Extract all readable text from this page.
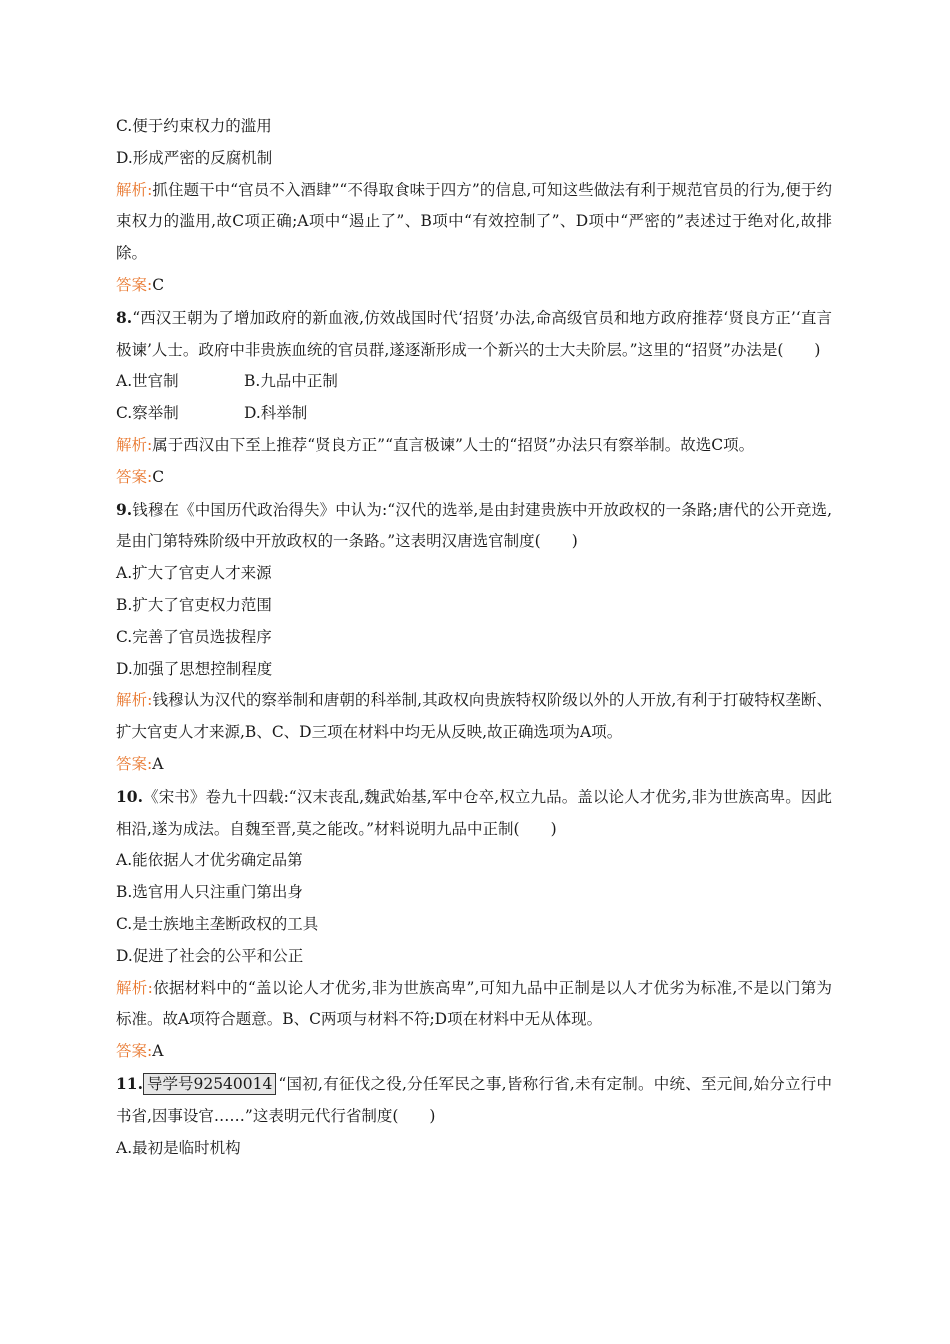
C.便于约束权力的滥用

D.形成严密的反腐机制

解析:抓住题干中“官员不入酒肆”“不得取食味于四方”的信息,可知这些做法有利于规范官员的行为,便于约束权力的滥用,故C项正确;A项中“遏止了”、B项中“有效控制了”、D项中“严密的”表述过于绝对化,故排除。

答案:C

8.“西汉王朝为了增加政府的新血液,仿效战国时代‘招贤’办法,命高级官员和地方政府推荐‘贤良方正’‘直言极谏’人士。政府中非贵族血统的官员群,遂逐渐形成一个新兴的士大夫阶层。”这里的“招贤”办法是(　　)

A.世官制	B.九品中正制
C.察举制	D.科举制

解析:属于西汉由下至上推荐“贤良方正”“直言极谏”人士的“招贤”办法只有察举制。故选C项。

答案:C

9.钱穆在《中国历代政治得失》中认为:“汉代的选举,是由封建贵族中开放政权的一条路;唐代的公开竞选,是由门第特殊阶级中开放政权的一条路。”这表明汉唐选官制度(　　)

A.扩大了官吏人才来源

B.扩大了官吏权力范围

C.完善了官员选拔程序

D.加强了思想控制程度

解析:钱穆认为汉代的察举制和唐朝的科举制,其政权向贵族特权阶级以外的人开放,有利于打破特权垄断、扩大官吏人才来源,B、C、D三项在材料中均无从反映,故正确选项为A项。

答案:A

10.《宋书》卷九十四载:“汉末丧乱,魏武始基,军中仓卒,权立九品。盖以论人才优劣,非为世族高卑。因此相沿,遂为成法。自魏至晋,莫之能改。”材料说明九品中正制(　　)

A.能依据人才优劣确定品第

B.选官用人只注重门第出身

C.是士族地主垄断政权的工具

D.促进了社会的公平和公正

解析:依据材料中的“盖以论人才优劣,非为世族高卑”,可知九品中正制是以人才优劣为标准,不是以门第为标准。故A项符合题意。B、C两项与材料不符;D项在材料中无从体现。

答案:A

11. 导学号92540014 “国初,有征伐之役,分任军民之事,皆称行省,未有定制。中统、至元间,始分立行中书省,因事设官……”这表明元代行省制度(　　)

A.最初是临时机构
